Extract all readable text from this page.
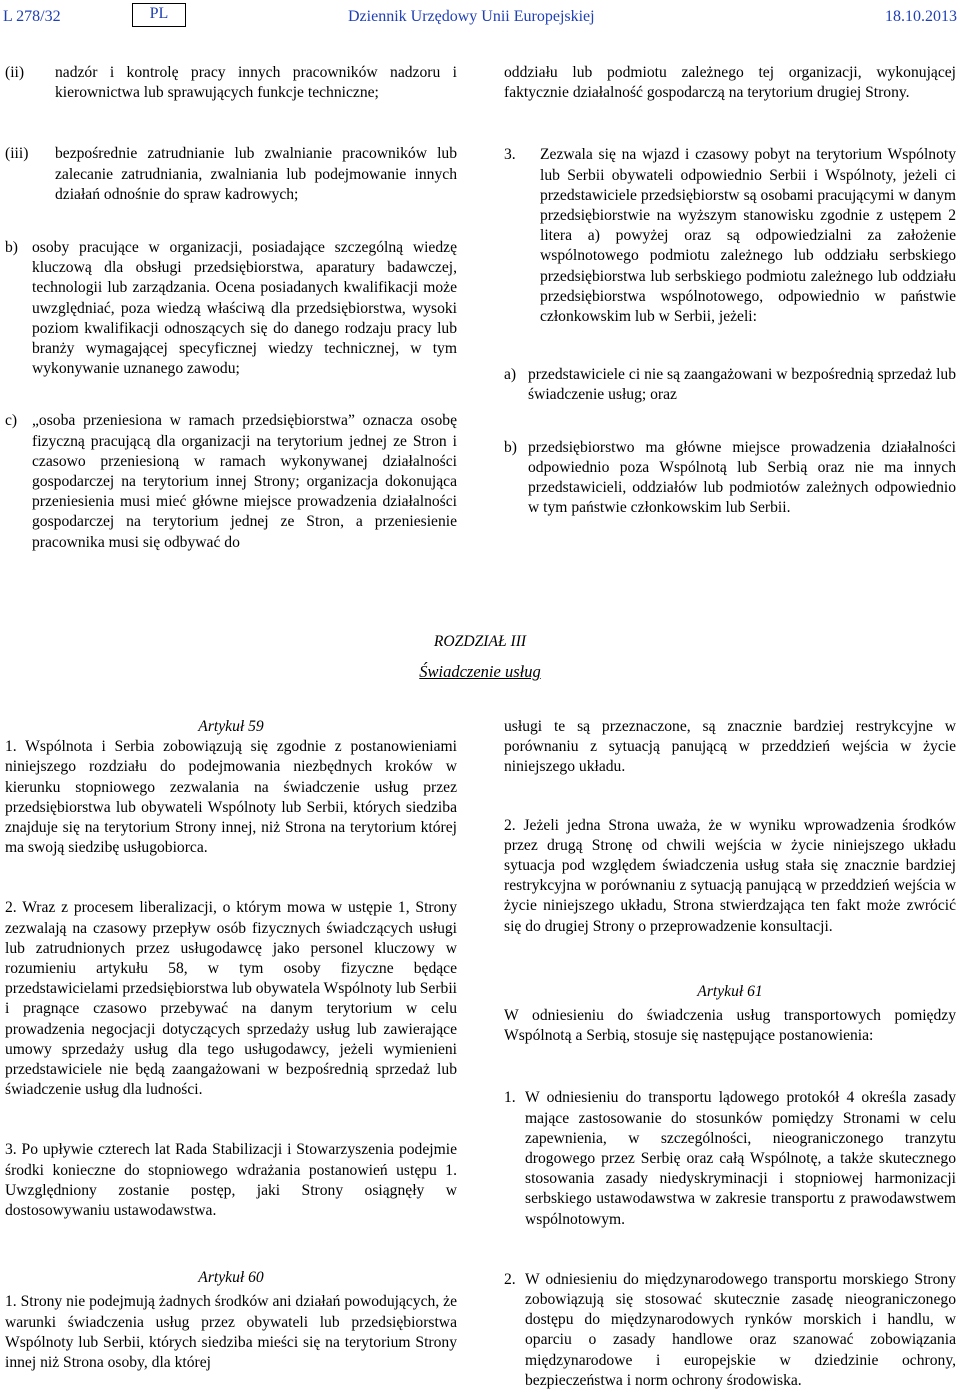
L 278/32	PL	Dziennik Urzędowy Unii Europejskiej	18.10.2013
(ii)	nadzór i kontrolę pracy innych pracowników nadzoru i kierownictwa lub sprawujących funkcje techniczne;
(iii)	bezpośrednie zatrudnianie lub zwalnianie pracowników lub zalecanie zatrudniania, zwalniania lub podejmowanie innych działań odnośnie do spraw kadrowych;
b) osoby pracujące w organizacji, posiadające szczególną wiedzę kluczową dla obsługi przedsiębiorstwa, aparatury badawczej, technologii lub zarządzania. Ocena posiadanych kwalifikacji może uwzględniać, poza wiedzą właściwą dla przedsiębiorstwa, wysoki poziom kwalifikacji odnoszących się do danego rodzaju pracy lub branży wymagającej specyficznej wiedzy technicznej, w tym wykonywanie uznanego zawodu;
c) „osoba przeniesiona w ramach przedsiębiorstwa” oznacza osobę fizyczną pracującą dla organizacji na terytorium jednej ze Stron i czasowo przeniesioną w ramach wykonywanej działalności gospodarczej na terytorium innej Strony; organizacja dokonująca przeniesienia musi mieć główne miejsce prowadzenia działalności gospodarczej na terytorium jednej ze Stron, a przeniesienie pracownika musi się odbywać do

oddziału lub podmiotu zależnego tej organizacji, wykonującej faktycznie działalność gospodarczą na terytorium drugiej Strony.

3.	Zezwala się na wjazd i czasowy pobyt na terytorium Wspólnoty lub Serbii obywateli odpowiednio Serbii i Wspólnoty, jeżeli ci przedstawiciele przedsiębiorstw są osobami pracującymi w danym przedsiębiorstwie na wyższym stanowisku zgodnie z ustępem 2 litera a) powyżej oraz są odpowiedzialni za założenie wspólnotowego podmiotu zależnego lub oddziału serbskiego przedsiębiorstwa lub serbskiego podmiotu zależnego lub oddziału przedsiębiorstwa wspólnotowego, odpowiednio w państwie członkowskim lub w Serbii, jeżeli:
a) przedstawiciele ci nie są zaangażowani w bezpośrednią sprzedaż lub świadczenie usług; oraz
b) przedsiębiorstwo ma główne miejsce prowadzenia działalności odpowiednio poza Wspólnotą lub Serbią oraz nie ma innych przedstawicieli, oddziałów lub podmiotów zależnych odpowiednio w tym państwie członkowskim lub Serbii.
ROZDZIAŁ III
Świadczenie usług

Artykuł 59

1. Wspólnota i Serbia zobowiązują się zgodnie z postanowieniami niniejszego rozdziału do podejmowania niezbędnych kroków w kierunku stopniowego zezwalania na świadczenie usług przez przedsiębiorstwa lub obywateli Wspólnoty lub Serbii, których siedziba znajduje się na terytorium Strony innej, niż Strona na terytorium której ma swoją siedzibę usługobiorca.

2. Wraz z procesem liberalizacji, o którym mowa w ustępie 1, Strony zezwalają na czasowy przepływ osób fizycznych świadczących usługi lub zatrudnionych przez usługodawcę jako personel kluczowy w rozumieniu artykułu 58, w tym osoby fizyczne będące przedstawicielami przedsiębiorstwa lub obywatela Wspólnoty lub Serbii i pragnące czasowo przebywać na danym terytorium w celu prowadzenia negocjacji dotyczących sprzedaży usług lub zawierające umowy sprzedaży usług dla tego usługodawcy, jeżeli wymienieni przedstawiciele nie będą zaangażowani w bezpośrednią sprzedaż lub świadczenie usług dla ludności.

3. Po upływie czterech lat Rada Stabilizacji i Stowarzyszenia podejmie środki konieczne do stopniowego wdrażania postanowień ustępu 1. Uwzględniony zostanie postęp, jaki Strony osiągnęły w dostosowywaniu ustawodawstwa.

Artykuł 60

1. Strony nie podejmują żadnych środków ani działań powodujących, że warunki świadczenia usług przez obywateli lub przedsiębiorstwa Wspólnoty lub Serbii, których siedziba mieści się na terytorium Strony innej niż Strona osoby, dla której

usługi te są przeznaczone, są znacznie bardziej restrykcyjne w porównaniu z sytuacją panującą w przeddzień wejścia w życie niniejszego układu.

2. Jeżeli jedna Strona uważa, że w wyniku wprowadzenia środków przez drugą Stronę od chwili wejścia w życie niniejszego układu sytuacja pod względem świadczenia usług stała się znacznie bardziej restrykcyjna w porównaniu z sytuacją panującą w przeddzień wejścia w życie niniejszego układu, Strona stwierdzająca ten fakt może zwrócić się do drugiej Strony o przeprowadzenie konsultacji.

Artykuł 61

W odniesieniu do świadczenia usług transportowych pomiędzy Wspólnotą a Serbią, stosuje się następujące postanowienia:

1. W odniesieniu do transportu lądowego protokół 4 określa zasady mające zastosowanie do stosunków pomiędzy Stronami w celu zapewnienia, w szczególności, nieograniczonego tranzytu drogowego przez Serbię oraz całą Wspólnotę, a także skutecznego stosowania zasady niedyskryminacji i stopniowej harmonizacji serbskiego ustawodawstwa w zakresie transportu z prawodawstwem wspólnotowym.
2. W odniesieniu do międzynarodowego transportu morskiego Strony zobowiązują się stosować skutecznie zasadę nieograniczonego dostępu do międzynarodowych rynków morskich i handlu, w oparciu o zasady handlowe oraz szanować zobowiązania międzynarodowe i europejskie w dziedzinie ochrony, bezpieczeństwa i norm ochrony środowiska.
